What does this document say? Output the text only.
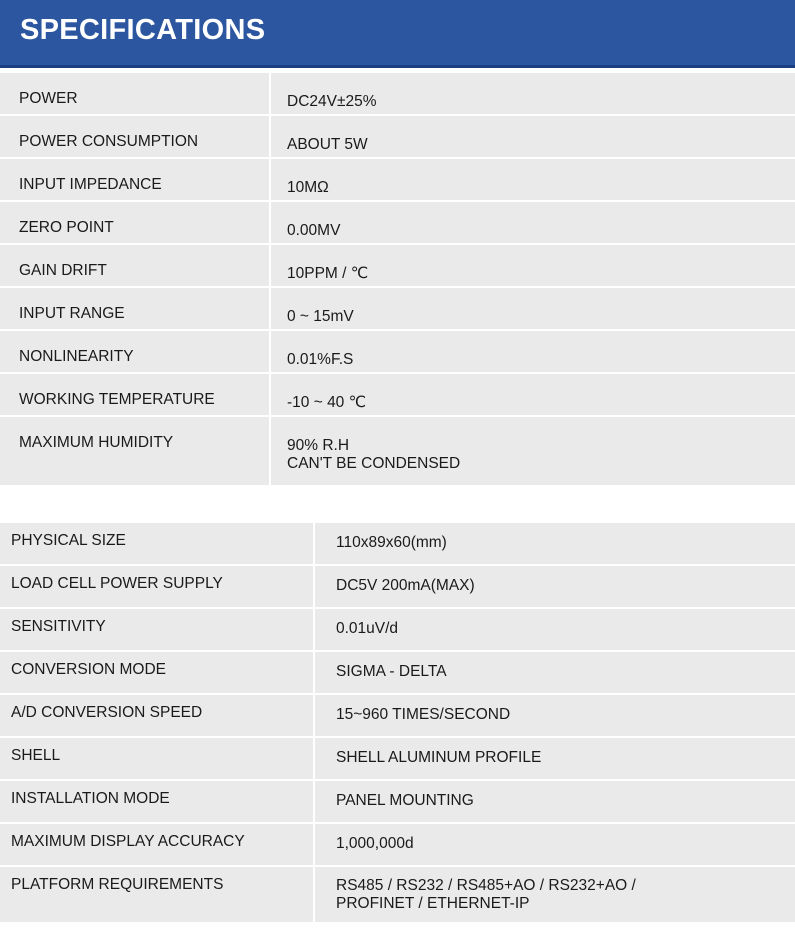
SPECIFICATIONS
POWER	DC24V±25%
POWER CONSUMPTION	ABOUT 5W
INPUT IMPEDANCE	10MΩ
ZERO POINT	0.00MV
GAIN DRIFT	10PPM / ℃
INPUT RANGE	0 ~ 15mV
NONLINEARITY	0.01%F.S
WORKING TEMPERATURE	-10 ~ 40 ℃
MAXIMUM HUMIDITY	90% R.H
CAN'T BE CONDENSED
PHYSICAL SIZE	110x89x60(mm)
LOAD CELL POWER SUPPLY	DC5V 200mA(MAX)
SENSITIVITY	0.01uV/d
CONVERSION MODE	SIGMA - DELTA
A/D CONVERSION SPEED	15~960 TIMES/SECOND
SHELL	SHELL ALUMINUM PROFILE
INSTALLATION MODE	PANEL MOUNTING
MAXIMUM DISPLAY ACCURACY	1,000,000d
PLATFORM REQUIREMENTS	RS485 / RS232 / RS485+AO / RS232+AO /
PROFINET / ETHERNET-IP
